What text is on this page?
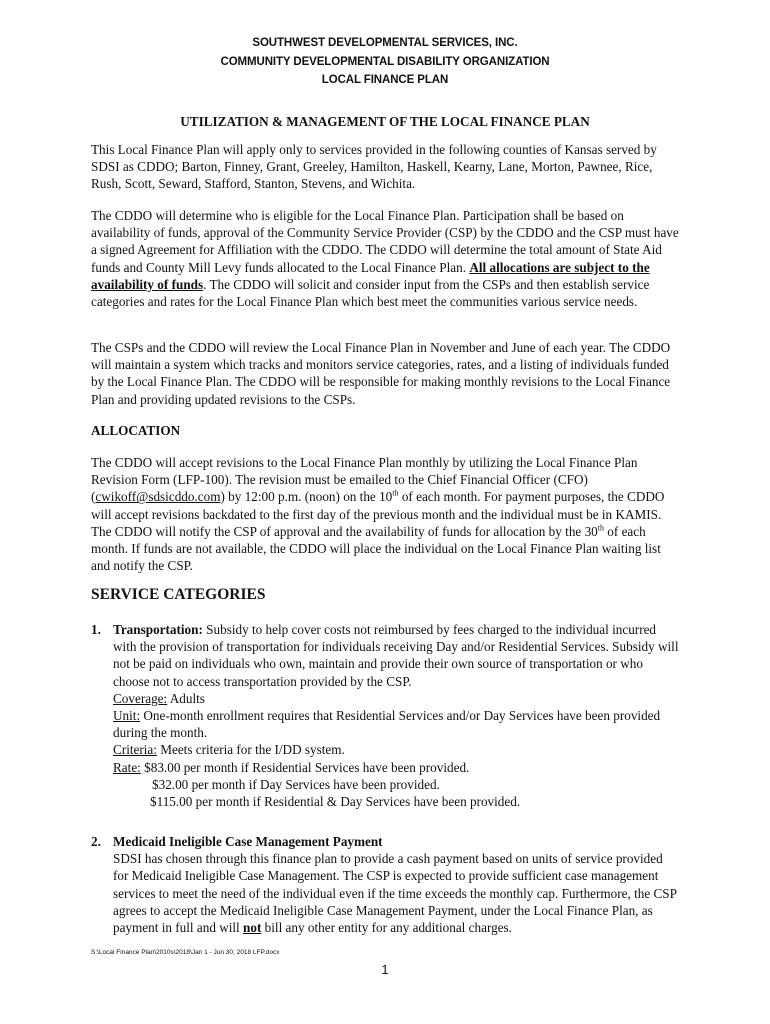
SOUTHWEST DEVELOPMENTAL SERVICES, INC.
COMMUNITY DEVELOPMENTAL DISABILITY ORGANIZATION
LOCAL FINANCE PLAN

UTILIZATION & MANAGEMENT OF THE LOCAL FINANCE PLAN

This Local Finance Plan will apply only to services provided in the following counties of Kansas served by SDSI as CDDO; Barton, Finney, Grant, Greeley, Hamilton, Haskell, Kearny, Lane, Morton, Pawnee, Rice, Rush, Scott, Seward, Stafford, Stanton, Stevens, and Wichita.

The CDDO will determine who is eligible for the Local Finance Plan. Participation shall be based on availability of funds, approval of the Community Service Provider (CSP) by the CDDO and the CSP must have a signed Agreement for Affiliation with the CDDO. The CDDO will determine the total amount of State Aid funds and County Mill Levy funds allocated to the Local Finance Plan. All allocations are subject to the availability of funds. The CDDO will solicit and consider input from the CSPs and then establish service categories and rates for the Local Finance Plan which best meet the communities various service needs.

The CSPs and the CDDO will review the Local Finance Plan in November and June of each year. The CDDO will maintain a system which tracks and monitors service categories, rates, and a listing of individuals funded by the Local Finance Plan. The CDDO will be responsible for making monthly revisions to the Local Finance Plan and providing updated revisions to the CSPs.

ALLOCATION

The CDDO will accept revisions to the Local Finance Plan monthly by utilizing the Local Finance Plan Revision Form (LFP-100). The revision must be emailed to the Chief Financial Officer (CFO) (cwikoff@sdsicddo.com) by 12:00 p.m. (noon) on the 10th of each month. For payment purposes, the CDDO will accept revisions backdated to the first day of the previous month and the individual must be in KAMIS. The CDDO will notify the CSP of approval and the availability of funds for allocation by the 30th of each month. If funds are not available, the CDDO will place the individual on the Local Finance Plan waiting list and notify the CSP.

SERVICE CATEGORIES

1. Transportation: Subsidy to help cover costs not reimbursed by fees charged to the individual incurred with the provision of transportation for individuals receiving Day and/or Residential Services. Subsidy will not be paid on individuals who own, maintain and provide their own source of transportation or who choose not to access transportation provided by the CSP.
Coverage: Adults
Unit: One-month enrollment requires that Residential Services and/or Day Services have been provided during the month.
Criteria: Meets criteria for the I/DD system.
Rate: $83.00 per month if Residential Services have been provided.
$32.00 per month if Day Services have been provided.
$115.00 per month if Residential & Day Services have been provided.
2. Medicaid Ineligible Case Management Payment
SDSI has chosen through this finance plan to provide a cash payment based on units of service provided for Medicaid Ineligible Case Management. The CSP is expected to provide sufficient case management services to meet the need of the individual even if the time exceeds the monthly cap. Furthermore, the CSP agrees to accept the Medicaid Ineligible Case Management Payment, under the Local Finance Plan, as payment in full and will not bill any other entity for any additional charges.
S:\Local Finance Plan\2010s\2018\Jan 1 - Jun 30, 2018 LFP.docx
1
